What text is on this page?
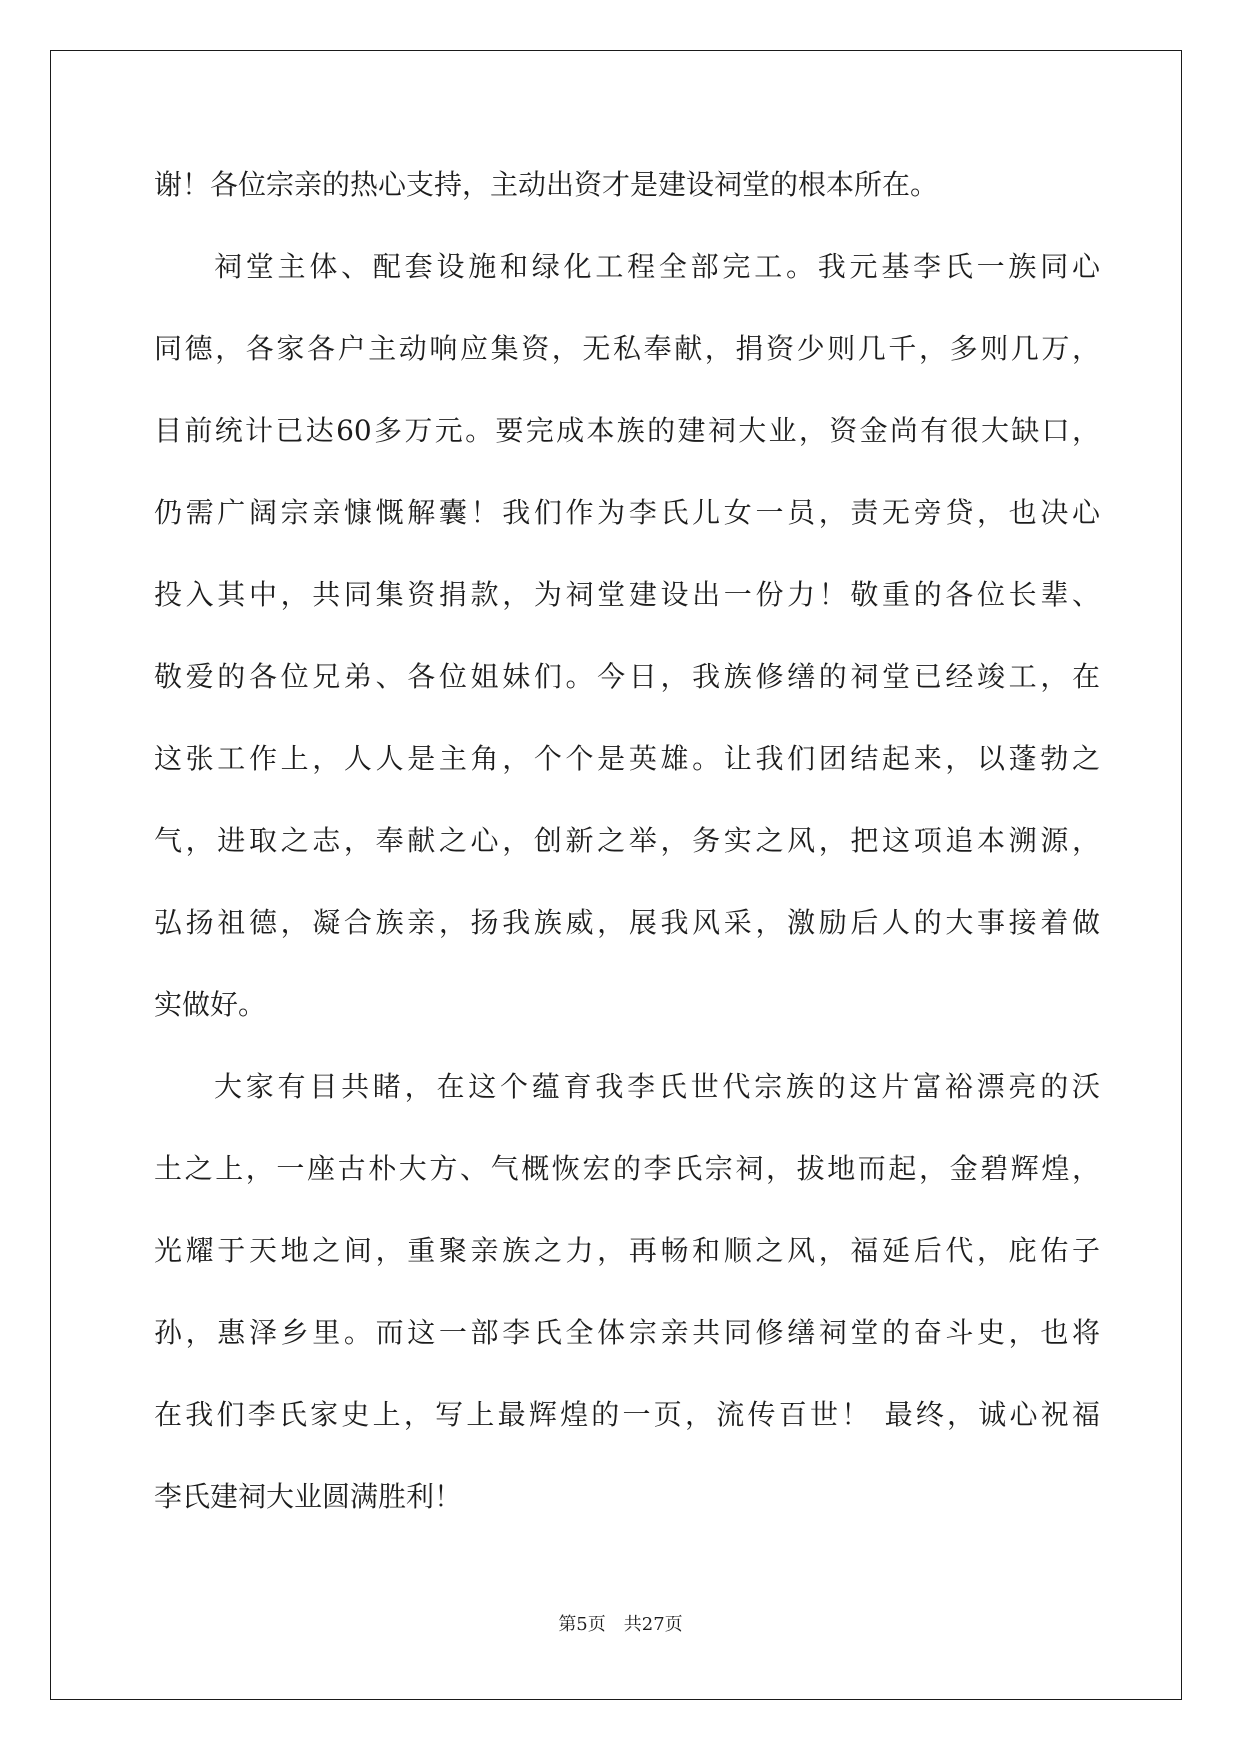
谢！各位宗亲的热心支持，主动出资才是建设祠堂的根本所在。
祠堂主体、配套设施和绿化工程全部完工。我元基李氏一族同心
同德，各家各户主动响应集资，无私奉献，捐资少则几千，多则几万，
目前统计已达60多万元。要完成本族的建祠大业，资金尚有很大缺口，
仍需广阔宗亲慷慨解囊！我们作为李氏儿女一员，责无旁贷，也决心
投入其中，共同集资捐款，为祠堂建设出一份力！敬重的各位长辈、
敬爱的各位兄弟、各位姐妹们。今日，我族修缮的祠堂已经竣工，在
这张工作上，人人是主角，个个是英雄。让我们团结起来，以蓬勃之
气，进取之志，奉献之心，创新之举，务实之风，把这项追本溯源，
弘扬祖德，凝合族亲，扬我族威，展我风采，激励后人的大事接着做
实做好。
大家有目共睹，在这个蕴育我李氏世代宗族的这片富裕漂亮的沃
土之上，一座古朴大方、气概恢宏的李氏宗祠，拔地而起，金碧辉煌，
光耀于天地之间，重聚亲族之力，再畅和顺之风，福延后代，庇佑子
孙，惠泽乡里。而这一部李氏全体宗亲共同修缮祠堂的奋斗史，也将
在我们李氏家史上，写上最辉煌的一页，流传百世！ 最终，诚心祝福
李氏建祠大业圆满胜利！
第5页 共27页
